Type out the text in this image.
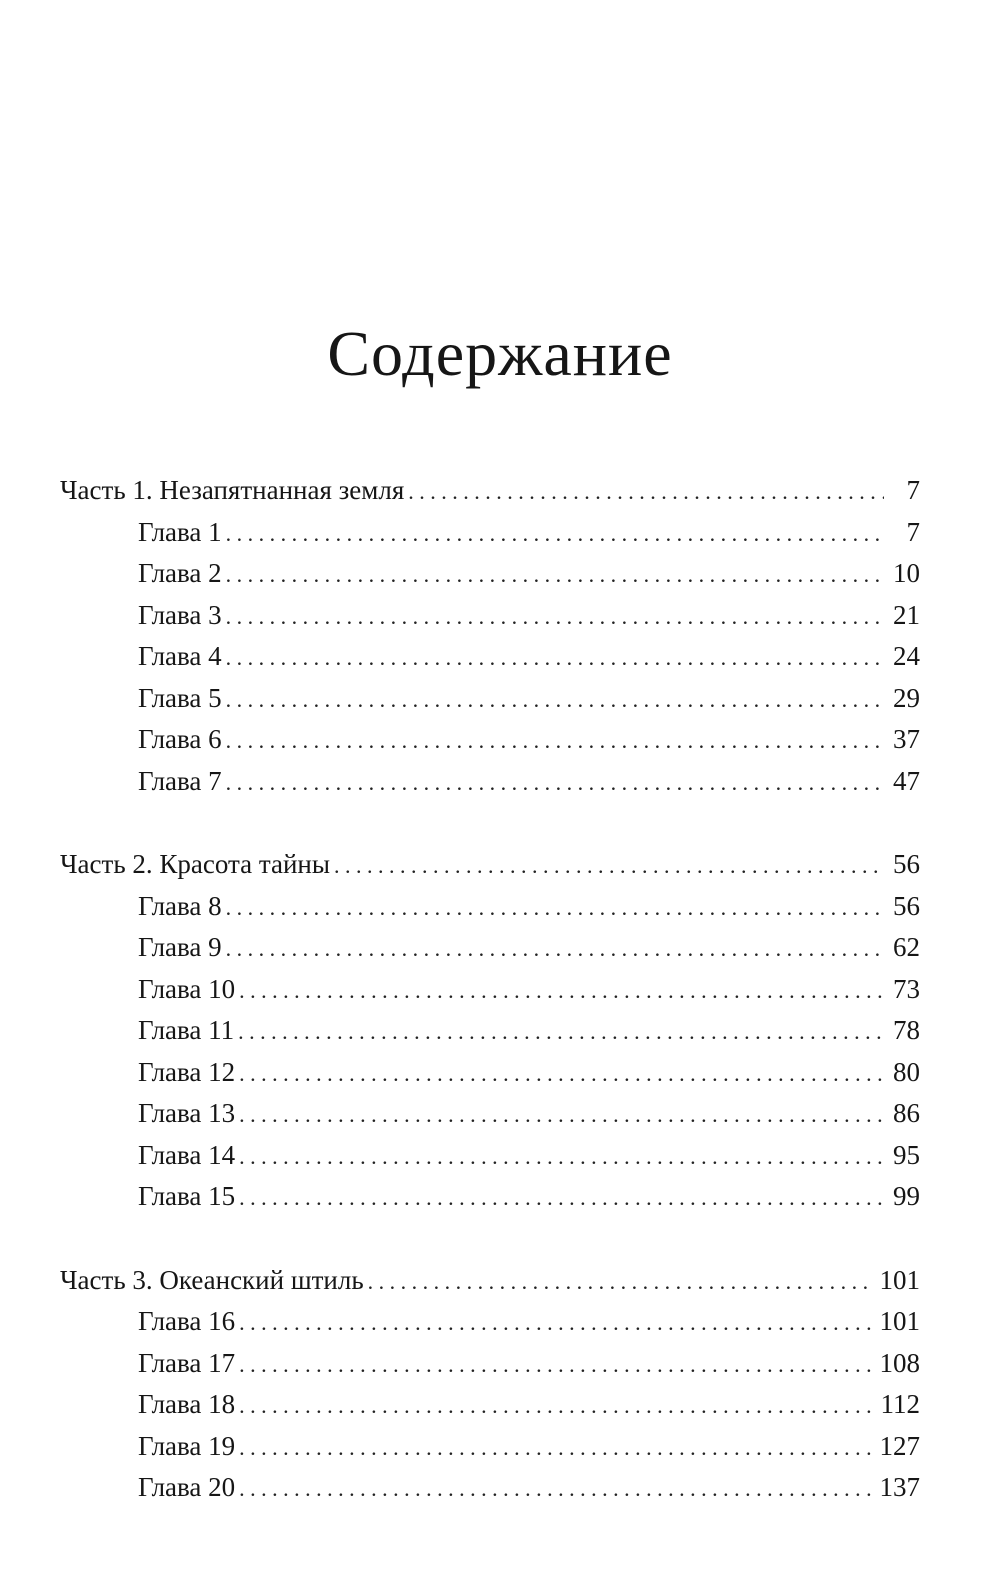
Содержание
Часть 1. Незапятнанная земля . . .	7
Глава 1 . . .	7
Глава 2 . . .	10
Глава 3 . . .	21
Глава 4 . . .	24
Глава 5 . . .	29
Глава 6 . . .	37
Глава 7 . . .	47
Часть 2. Красота тайны . . .	56
Глава 8 . . .	56
Глава 9 . . .	62
Глава 10 . . .	73
Глава 11 . . .	78
Глава 12 . . .	80
Глава 13 . . .	86
Глава 14 . . .	95
Глава 15 . . .	99
Часть 3. Океанский штиль . . .	101
Глава 16 . . .	101
Глава 17 . . .	108
Глава 18 . . .	112
Глава 19 . . .	127
Глава 20 . . .	137
